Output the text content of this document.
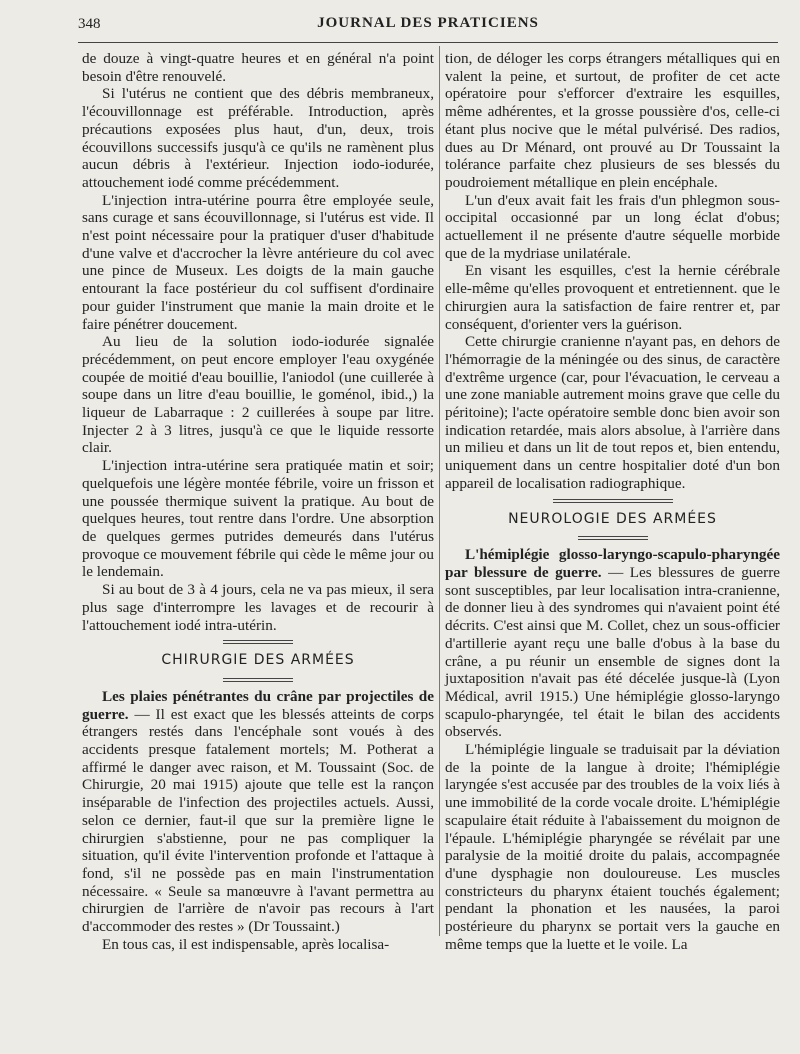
348	JOURNAL DES PRATICIENS

de douze à vingt-quatre heures et en général n'a point besoin d'être renouvelé.

Si l'utérus ne contient que des débris membraneux, l'écouvillonnage est préférable. Introduction, après précautions exposées plus haut, d'un, deux, trois écouvillons successifs jusqu'à ce qu'ils ne ramènent plus aucun débris à l'extérieur. Injection iodo-iodurée, attouchement iodé comme précédemment.

L'injection intra-utérine pourra être employée seule, sans curage et sans écouvillonnage, si l'utérus est vide. Il n'est point nécessaire pour la pratiquer d'user d'habitude d'une valve et d'accrocher la lèvre antérieure du col avec une pince de Museux. Les doigts de la main gauche entourant la face postérieur du col suffisent d'ordinaire pour guider l'instrument que manie la main droite et le faire pénétrer doucement.

Au lieu de la solution iodo-iodurée signalée précédemment, on peut encore employer l'eau oxygénée coupée de moitié d'eau bouillie, l'aniodol (une cuillerée à soupe dans un litre d'eau bouillie, le goménol, ibid.,) la liqueur de Labarraque : 2 cuillerées à soupe par litre. Injecter 2 à 3 litres, jusqu'à ce que le liquide ressorte clair.

L'injection intra-utérine sera pratiquée matin et soir; quelquefois une légère montée fébrile, voire un frisson et une poussée thermique suivent la pratique. Au bout de quelques heures, tout rentre dans l'ordre. Une absorption de quelques germes putrides demeurés dans l'utérus provoque ce mouvement fébrile qui cède le même jour ou le lendemain.

Si au bout de 3 à 4 jours, cela ne va pas mieux, il sera plus sage d'interrompre les lavages et de recourir à l'attouchement iodé intra-utérin.

CHIRURGIE DES ARMÉES

Les plaies pénétrantes du crâne par projectiles de guerre. — Il est exact que les blessés atteints de corps étrangers restés dans l'encéphale sont voués à des accidents presque fatalement mortels; M. Potherat a affirmé le danger avec raison, et M. Toussaint (Soc. de Chirurgie, 20 mai 1915) ajoute que telle est la rançon inséparable de l'infection des projectiles actuels. Aussi, selon ce dernier, faut-il que sur la première ligne le chirurgien s'abstienne, pour ne pas compliquer la situation, qu'il évite l'intervention profonde et l'attaque à fond, s'il ne possède pas en main l'instrumentation nécessaire. « Seule sa manœuvre à l'avant permettra au chirurgien de l'arrière de n'avoir pas recours à l'art d'accommoder des restes » (Dr Toussaint.)

En tous cas, il est indispensable, après localisa-

tion, de déloger les corps étrangers métalliques qui en valent la peine, et surtout, de profiter de cet acte opératoire pour s'efforcer d'extraire les esquilles, même adhérentes, et la grosse poussière d'os, celle-ci étant plus nocive que le métal pulvérisé. Des radios, dues au Dr Ménard, ont prouvé au Dr Toussaint la tolérance parfaite chez plusieurs de ses blessés du poudroiement métallique en plein encéphale.

L'un d'eux avait fait les frais d'un phlegmon sous-occipital occasionné par un long éclat d'obus; actuellement il ne présente d'autre séquelle morbide que de la mydriase unilatérale.

En visant les esquilles, c'est la hernie cérébrale elle-même qu'elles provoquent et entretiennent. que le chirurgien aura la satisfaction de faire rentrer et, par conséquent, d'orienter vers la guérison.

Cette chirurgie cranienne n'ayant pas, en dehors de l'hémorragie de la méningée ou des sinus, de caractère d'extrême urgence (car, pour l'évacuation, le cerveau a une zone maniable autrement moins grave que celle du péritoine); l'acte opératoire semble donc bien avoir son indication retardée, mais alors absolue, à l'arrière dans un milieu et dans un lit de tout repos et, bien entendu, uniquement dans un centre hospitalier doté d'un bon appareil de localisation radiographique.

NEUROLOGIE DES ARMÉES

L'hémiplégie glosso-laryngo-scapulo-pharyngée par blessure de guerre. — Les blessures de guerre sont susceptibles, par leur localisation intra-cranienne, de donner lieu à des syndromes qui n'avaient point été décrits. C'est ainsi que M. Collet, chez un sous-officier d'artillerie ayant reçu une balle d'obus à la base du crâne, a pu réunir un ensemble de signes dont la juxtaposition n'avait pas été décelée jusque-là (Lyon Médical, avril 1915.) Une hémiplégie glosso-laryngo scapulo-pharyngée, tel était le bilan des accidents observés.

L'hémiplégie linguale se traduisait par la déviation de la pointe de la langue à droite; l'hémiplégie laryngée s'est accusée par des troubles de la voix liés à une immobilité de la corde vocale droite. L'hémiplégie scapulaire était réduite à l'abaissement du moignon de l'épaule. L'hémiplégie pharyngée se révélait par une paralysie de la moitié droite du palais, accompagnée d'une dysphagie non douloureuse. Les muscles constricteurs du pharynx étaient touchés également; pendant la phonation et les nausées, la paroi postérieure du pharynx se portait vers la gauche en même temps que la luette et le voile. La
